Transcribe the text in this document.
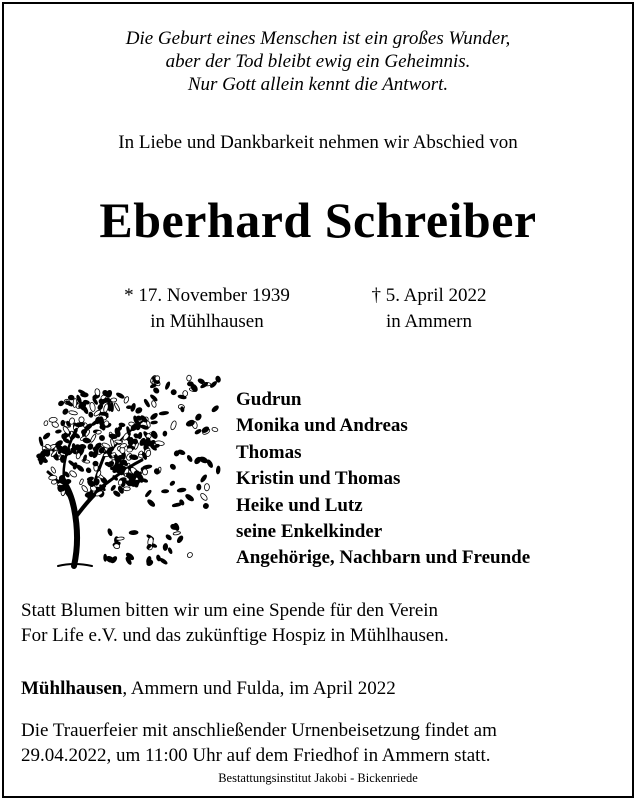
Die Geburt eines Menschen ist ein großes Wunder,
aber der Tod bleibt ewig ein Geheimnis.
Nur Gott allein kennt die Antwort.
In Liebe und Dankbarkeit nehmen wir Abschied von
Eberhard Schreiber
* 17. November 1939
in Mühlhausen
† 5. April 2022
in Ammern
Gudrun
Monika und Andreas
Thomas
Kristin und Thomas
Heike und Lutz
seine Enkelkinder
Angehörige, Nachbarn und Freunde
Statt Blumen bitten wir um eine Spende für den Verein
For Life e.V. und das zukünftige Hospiz in Mühlhausen.
Mühlhausen, Ammern und Fulda, im April 2022
Die Trauerfeier mit anschließender Urnenbeisetzung findet am
29.04.2022, um 11:00 Uhr auf dem Friedhof in Ammern statt.
Bestattungsinstitut Jakobi - Bickenriede
